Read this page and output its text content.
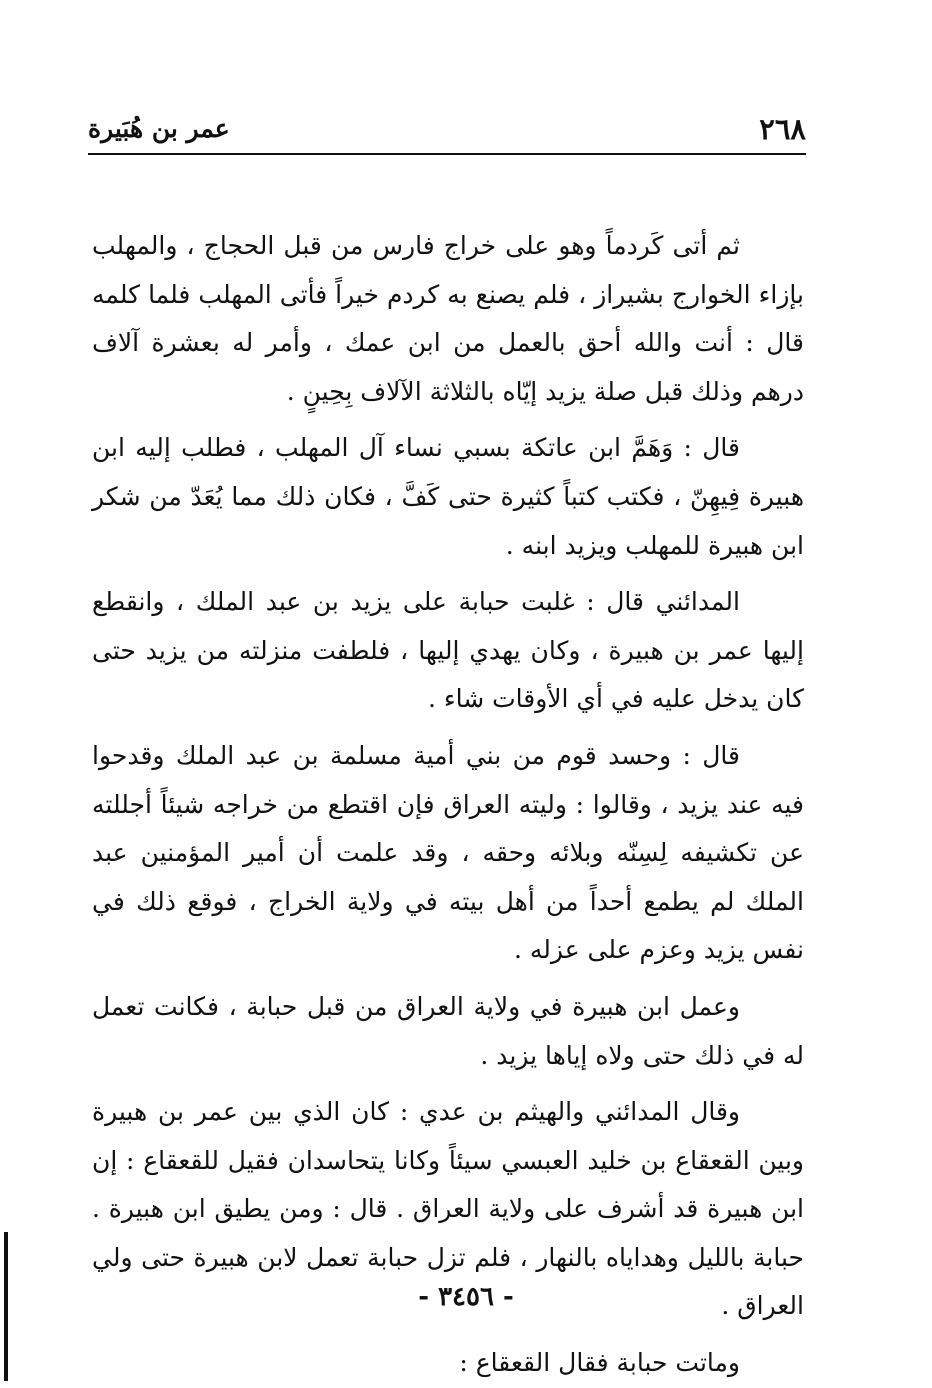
٢٦٨
عمر بن هُبَيرة

ثم أتى كَردماً وهو على خراج فارس من قبل الحجاج ، والمهلب بإزاء الخوارج بشيراز ، فلم يصنع به كردم خيراً فأتى المهلب فلما كلمه قال : أنت والله أحق بالعمل من ابن عمك ، وأمر له بعشرة آلاف درهم وذلك قبل صلة يزيد إيّاه بالثلاثة الآلاف بِحِينٍ .

قال : وَهَمَّ ابن عاتكة بسبي نساء آل المهلب ، فطلب إليه ابن هبيرة فِيهِنّ ، فكتب كتباً كثيرة حتى كَفَّ ، فكان ذلك مما يُعَدّ من شكر ابن هبيرة للمهلب ويزيد ابنه .

المدائني قال : غلبت حبابة على يزيد بن عبد الملك ، وانقطع إليها عمر بن هبيرة ، وكان يهدي إليها ، فلطفت منزلته من يزيد حتى كان يدخل عليه في أي الأوقات شاء .

قال : وحسد قوم من بني أمية مسلمة بن عبد الملك وقدحوا فيه عند يزيد ، وقالوا : وليته العراق فإن اقتطع من خراجه شيئاً أجللته عن تكشيفه لِسِنّه وبلائه وحقه ، وقد علمت أن أمير المؤمنين عبد الملك لم يطمع أحداً من أهل بيته في ولاية الخراج ، فوقع ذلك في نفس يزيد وعزم على عزله .

وعمل ابن هبيرة في ولاية العراق من قبل حبابة ، فكانت تعمل له في ذلك حتى ولاه إياها يزيد .

وقال المدائني والهيثم بن عدي : كان الذي بين عمر بن هبيرة وبين القعقاع بن خليد العبسي سيئاً وكانا يتحاسدان فقيل للقعقاع : إن ابن هبيرة قد أشرف على ولاية العراق . قال : ومن يطيق ابن هبيرة . حبابة بالليل وهداياه بالنهار ، فلم تزل حبابة تعمل لابن هبيرة حتى ولي العراق .

وماتت حبابة فقال القعقاع :

- ٣٤٥٦ -
